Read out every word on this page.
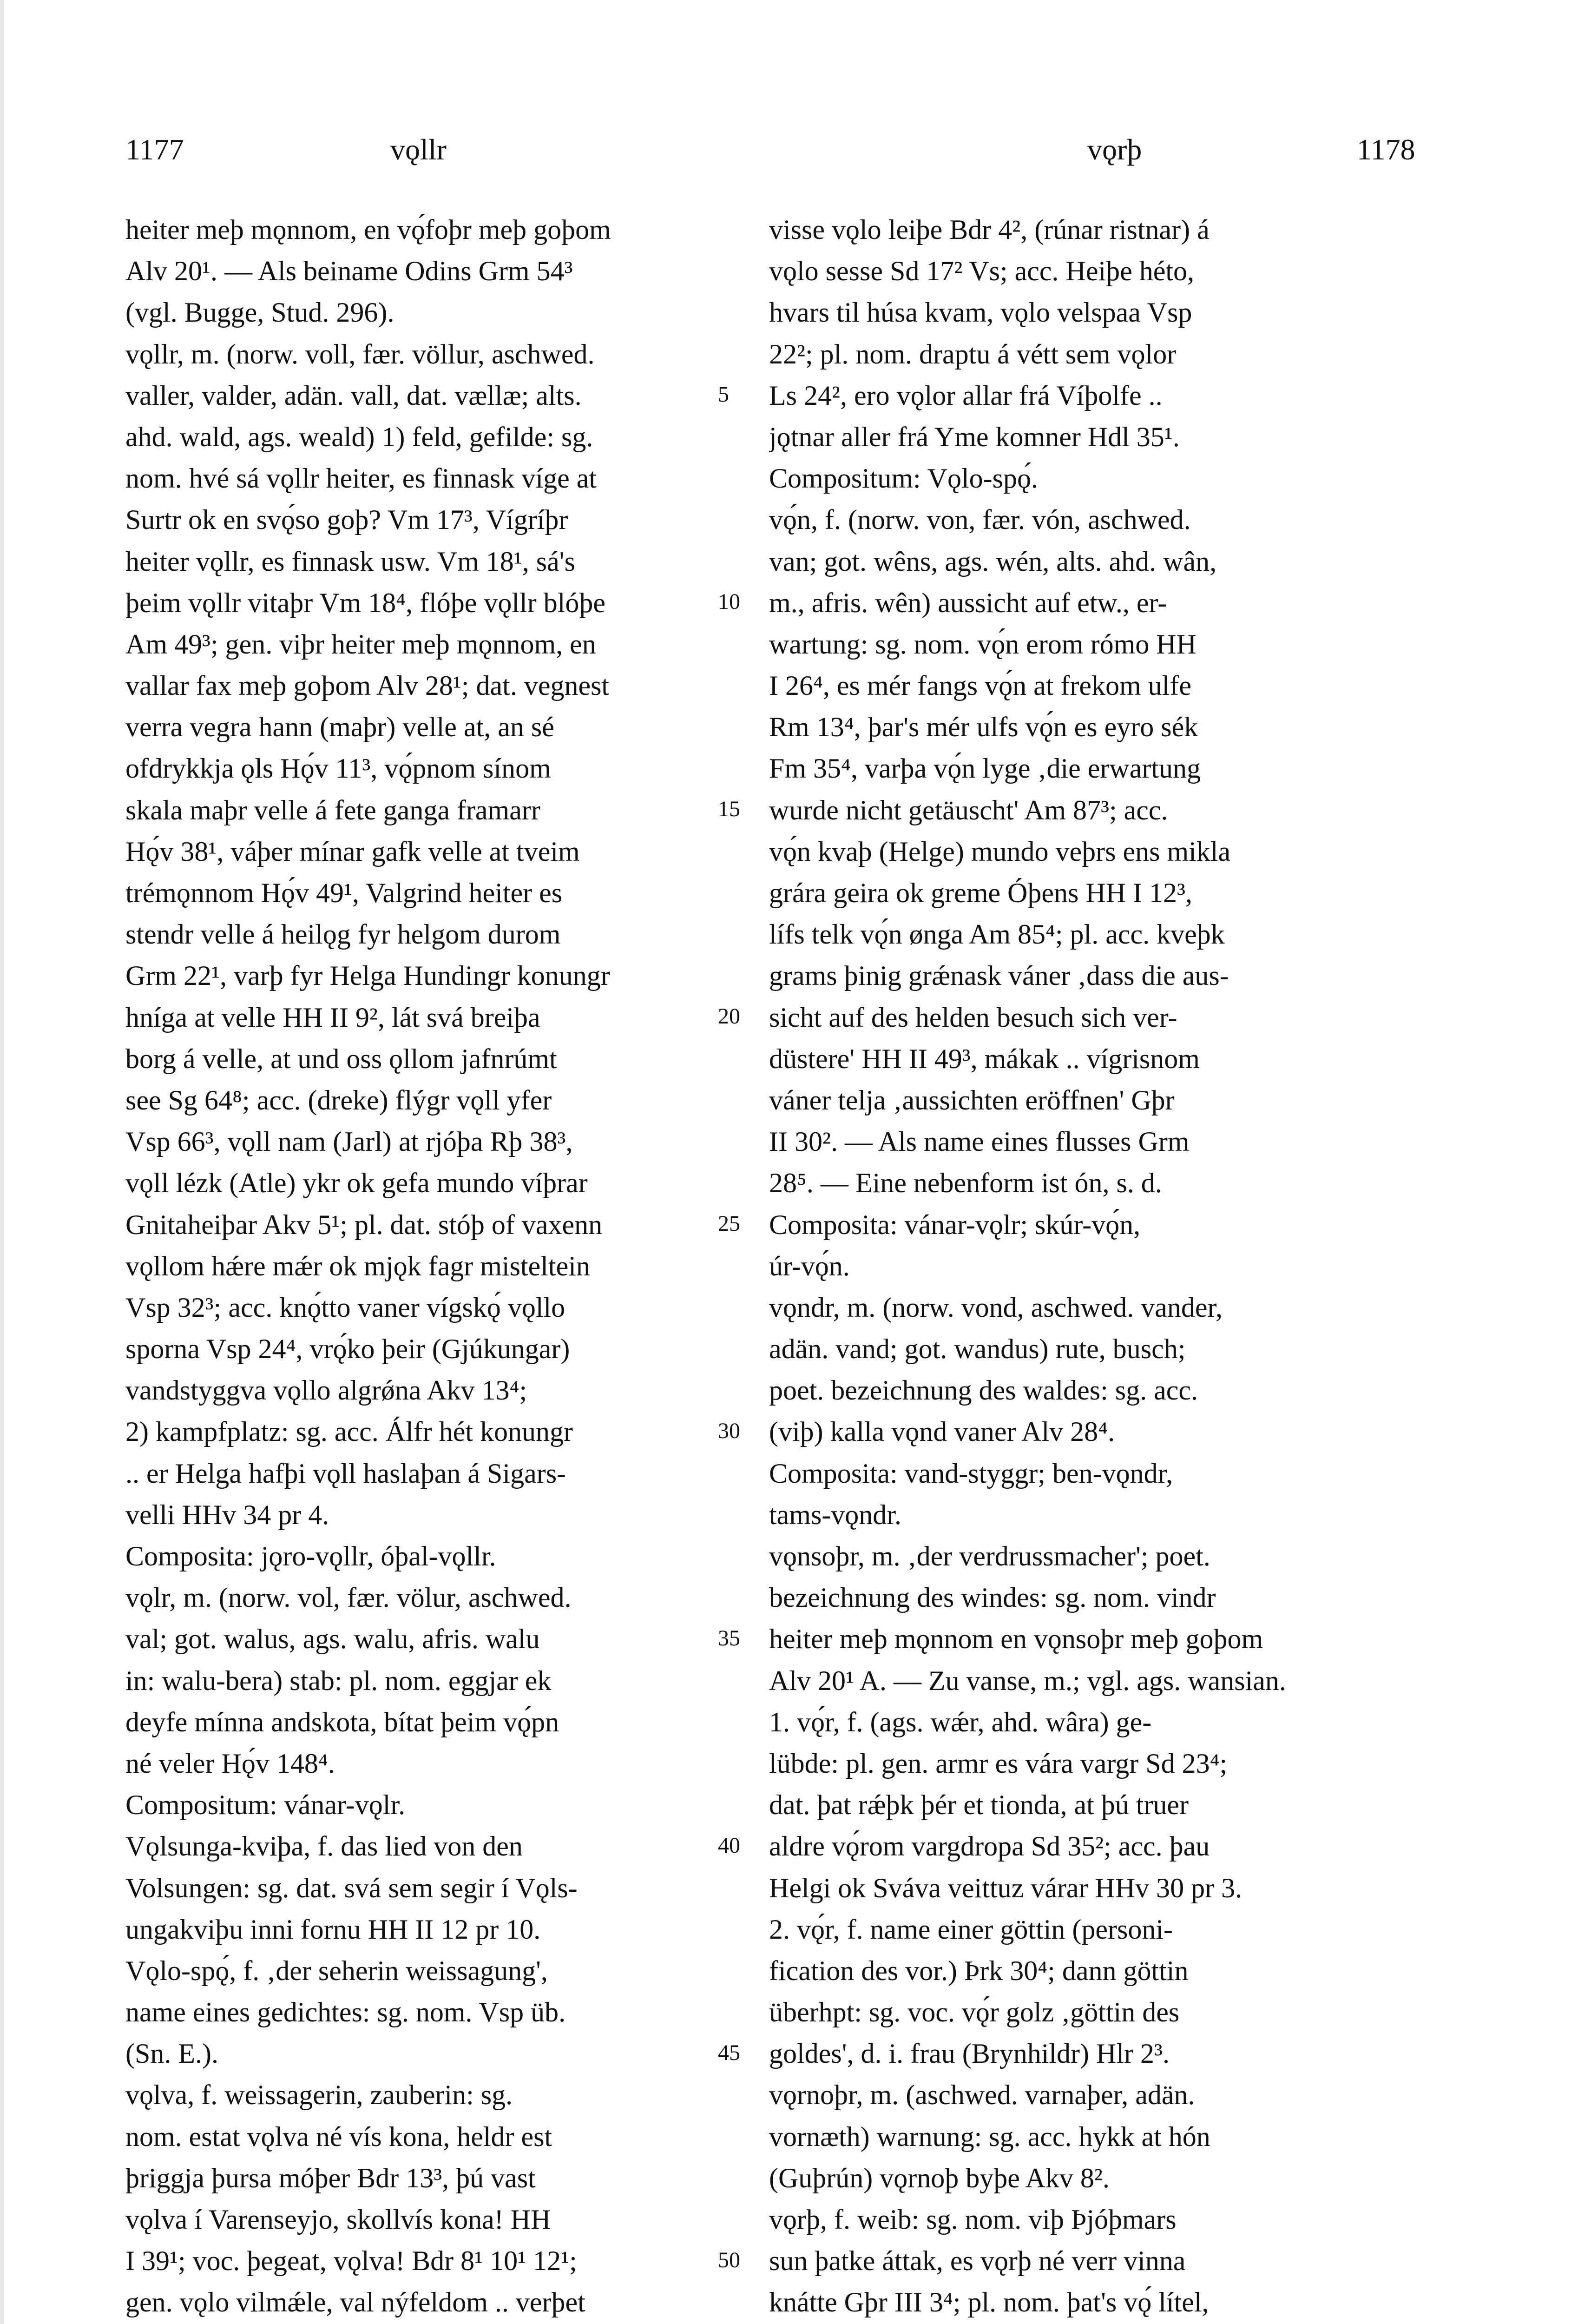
1177	vǫllr	vǫrþ	1178
heiter meþ mǫnnom, en vǫ́foþr meþ goþom
Alv 20¹. — Als beiname Odins Grm 54³
(vgl. Bugge, Stud. 296).
vǫllr, m. (norw. voll, fær. völlur, aschwed.
valler, valder, adän. vall, dat. vællæ; alts.
ahd. wald, ags. weald) 1) feld, gefilde: sg.
nom. hvé sá vǫllr heiter, es finnask víge at
Surtr ok en svǫ́so goþ? Vm 17³, Vígríþr
heiter vǫllr, es finnask usw. Vm 18¹, sá's
þeim vǫllr vitaþr Vm 18⁴, flóþe vǫllr blóþe
Am 49³; gen. viþr heiter meþ mǫnnom, en
vallar fax meþ goþom Alv 28¹; dat. vegnest
verra vegra hann (maþr) velle at, an sé
ofdrykkja ǫls Hǫ́v 11³, vǫ́pnom sínom
skala maþr velle á fete ganga framarr
Hǫ́v 38¹, váþer mínar gafk velle at tveim
trémǫnnom Hǫ́v 49¹, Valgrind heiter es
stendr velle á heilǫg fyr helgom durom
Grm 22¹, varþ fyr Helga Hundingr konungr
hníga at velle HH II 9², lát svá breiþa
borg á velle, at und oss ǫllom jafnrúmt
see Sg 64⁸; acc. (dreke) flýgr vǫll yfer
Vsp 66³, vǫll nam (Jarl) at rjóþa Rþ 38³,
vǫll lézk (Atle) ykr ok gefa mundo víþrar
Gnitaheiþar Akv 5¹; pl. dat. stóþ of vaxenn
vǫllom hǽre mǽr ok mjǫk fagr misteltein
Vsp 32³; acc. knǫ́tto vaner vígskǫ́ vǫllo
sporna Vsp 24⁴, vrǫ́ko þeir (Gjúkungar)
vandstyggva vǫllo algrǿna Akv 13⁴;
2) kampfplatz: sg. acc. Álfr hét konungr
.. er Helga hafþi vǫll haslaþan á Sigars-
velli HHv 34 pr 4.
Composita: jǫro-vǫllr, óþal-vǫllr.
vǫlr, m. (norw. vol, fær. völur, aschwed.
val; got. walus, ags. walu, afris. walu
in: walu-bera) stab: pl. nom. eggjar ek
deyfe mínna andskota, bítat þeim vǫ́pn
né veler Hǫ́v 148⁴.
Compositum: vánar-vǫlr.
Vǫlsunga-kviþa, f. das lied von den
Volsungen: sg. dat. svá sem segir í Vǫls-
ungakviþu inni fornu HH II 12 pr 10.
Vǫlo-spǫ́, f. ‚der seherin weissagung',
name eines gedichtes: sg. nom. Vsp üb.
(Sn. E.).
vǫlva, f. weissagerin, zauberin: sg.
nom. estat vǫlva né vís kona, heldr est
þriggja þursa móþer Bdr 13³, þú vast
vǫlva í Varenseyjo, skollvís kona! HH
I 39¹; voc. þegeat, vǫlva! Bdr 8¹ 10¹ 12¹;
gen. vǫlo vilmǽle, val nýfeldom .. verþet
5
10
15
20
25
30
35
40
45
50
visse vǫlo leiþe Bdr 4², (rúnar ristnar) á
vǫlo sesse Sd 17² Vs; acc. Heiþe héto,
hvars til húsa kvam, vǫlo velspaa Vsp
22²; pl. nom. draptu á vétt sem vǫlor
Ls 24², ero vǫlor allar frá Víþolfe ..
jǫtnar aller frá Yme komner Hdl 35¹.
Compositum: Vǫlo-spǫ́.
vǫ́n, f. (norw. von, fær. vón, aschwed.
van; got. wêns, ags. wén, alts. ahd. wân,
m., afris. wên) aussicht auf etw., er-
wartung: sg. nom. vǫ́n erom rómo HH
I 26⁴, es mér fangs vǫ́n at frekom ulfe
Rm 13⁴, þar's mér ulfs vǫ́n es eyro sék
Fm 35⁴, varþa vǫ́n lyge ‚die erwartung
wurde nicht getäuscht' Am 87³; acc.
vǫ́n kvaþ (Helge) mundo veþrs ens mikla
grára geira ok greme Óþens HH I 12³,
lífs telk vǫ́n ønga Am 85⁴; pl. acc. kveþk
grams þinig grǽnask váner ‚dass die aus-
sicht auf des helden besuch sich ver-
düstere' HH II 49³, mákak .. vígrisnom
váner telja ‚aussichten eröffnen' Gþr
II 30². — Als name eines flusses Grm
28⁵. — Eine nebenform ist ón, s. d.
Composita: vánar-vǫlr; skúr-vǫ́n,
úr-vǫ́n.
vǫndr, m. (norw. vond, aschwed. vander,
adän. vand; got. wandus) rute, busch;
poet. bezeichnung des waldes: sg. acc.
(viþ) kalla vǫnd vaner Alv 28⁴.
Composita: vand-styggr; ben-vǫndr,
tams-vǫndr.
vǫnsoþr, m. ‚der verdrussmacher'; poet.
bezeichnung des windes: sg. nom. vindr
heiter meþ mǫnnom en vǫnsoþr meþ goþom
Alv 20¹ A. — Zu vanse, m.; vgl. ags. wansian.
1. vǫ́r, f. (ags. wǽr, ahd. wâra) ge-
lübde: pl. gen. armr es vára vargr Sd 23⁴;
dat. þat rǽþk þér et tionda, at þú truer
aldre vǫ́rom vargdropa Sd 35²; acc. þau
Helgi ok Sváva veittuz várar HHv 30 pr 3.
2. vǫ́r, f. name einer göttin (personi-
fication des vor.) Þrk 30⁴; dann göttin
überhpt: sg. voc. vǫ́r golz ‚göttin des
goldes', d. i. frau (Brynhildr) Hlr 2³.
vǫrnoþr, m. (aschwed. varnaþer, adän.
vornæth) warnung: sg. acc. hykk at hón
(Guþrún) vǫrnoþ byþe Akv 8².
vǫrþ, f. weib: sg. nom. viþ Þjóþmars
sun þatke áttak, es vǫrþ né verr vinna
knátte Gþr III 3⁴; pl. nom. þat's vǫ́ lítel,
